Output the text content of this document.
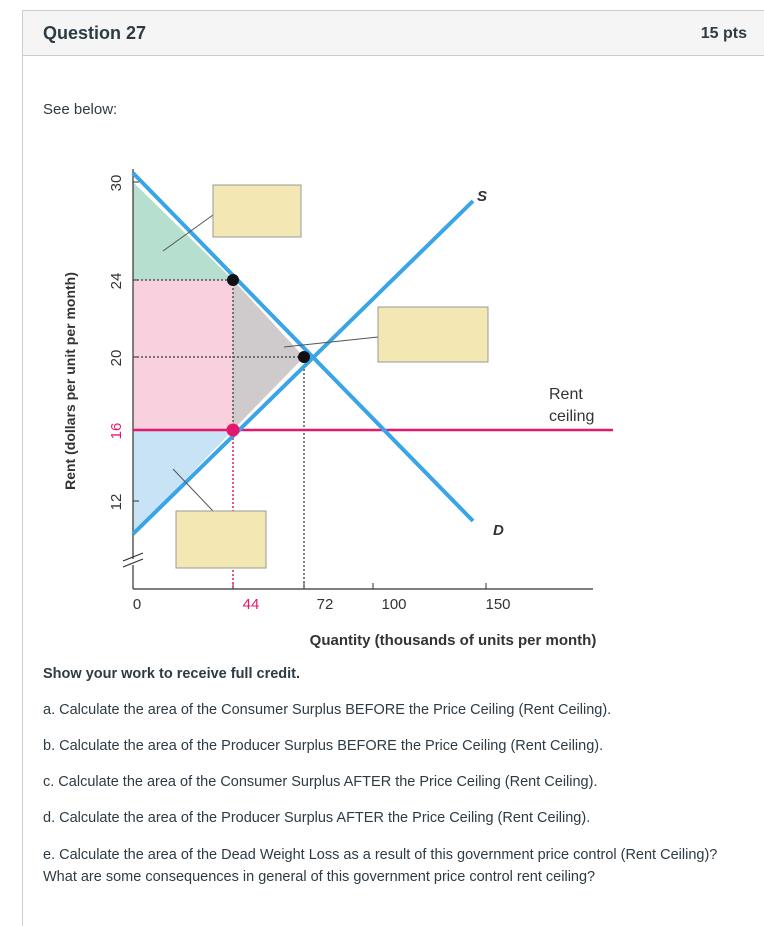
Question 27	15 pts
See below:
30
24
20
16
12
Rent (dollars per unit per month)
0	44	72	100	150
Quantity (thousands of units per month)
S
D
Rent
ceiling
Show your work to receive full credit.
a. Calculate the area of the Consumer Surplus BEFORE the Price Ceiling (Rent Ceiling).
b. Calculate the area of the Producer Surplus BEFORE the Price Ceiling (Rent Ceiling).
c. Calculate the area of the Consumer Surplus AFTER the Price Ceiling (Rent Ceiling).
d. Calculate the area of the Producer Surplus AFTER the Price Ceiling (Rent Ceiling).
e. Calculate the area of the Dead Weight Loss as a result of this government price control (Rent Ceiling)? What are some consequences in general of this government price control rent ceiling?
